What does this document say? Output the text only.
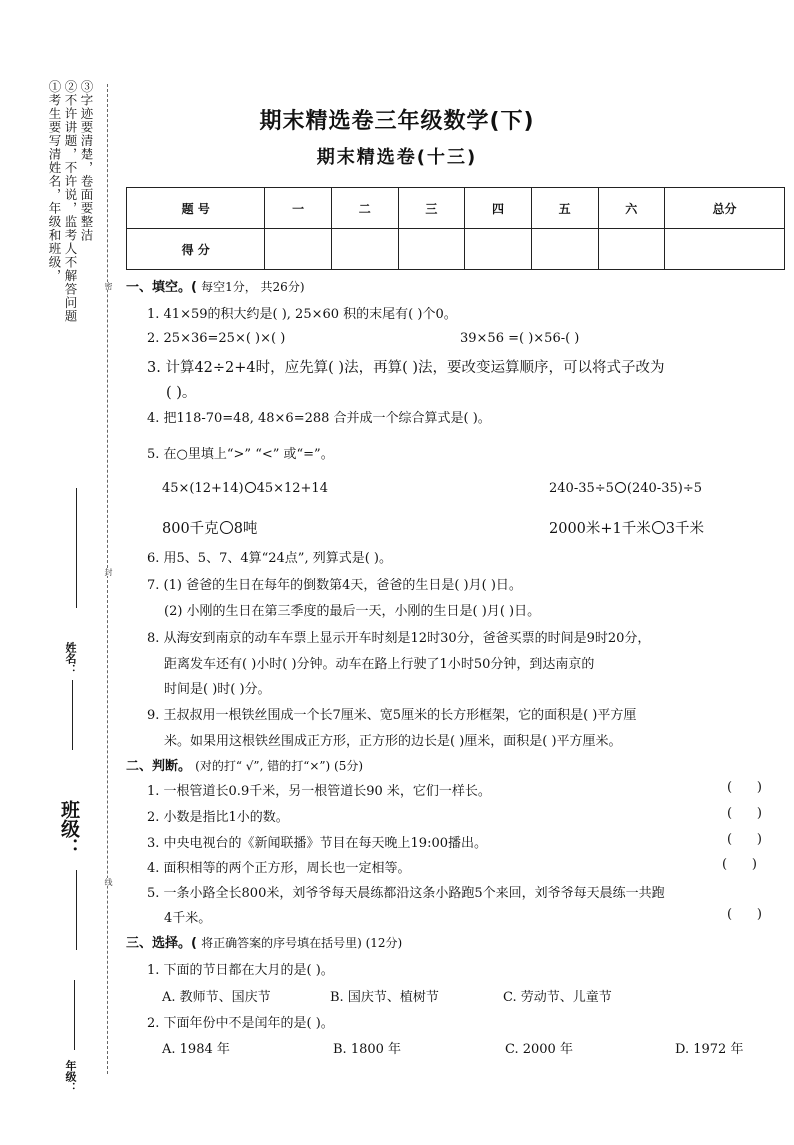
①考生要写清姓名，年级和班级， ②不许讲题，不许说，监考人不解答问题 ③字迹要清楚，卷面要整洁
密
封
线
姓名：
班级：
年级：
期末精选卷三年级数学(下)
期末精选卷(十三)
题 号	一	二	三	四	五	六	总分
得 分							
一、填空。( 每空1分， 共26分)
1. 41×59的积大约是( ), 25×60 积的末尾有( )个0。
2. 25×36=25×( )×( )	39×56 =( )×56-( )
3. 计算42÷2+4时，应先算( )法，再算( )法，要改变运算顺序，可以将式子改为
( )。
4. 把118-70=48, 48×6=288 合并成一个综合算式是( )。
5. 在○里填上“>” “<” 或“=”。
45×(12+14) 45×12+14	240-35÷5 (240-35)÷5
800千克 8吨	2000米+1千米 3千米
6. 用5、5、7、4算“24点”, 列算式是( )。
7. (1) 爸爸的生日在每年的倒数第4天，爸爸的生日是( )月( )日。
(2) 小刚的生日在第三季度的最后一天，小刚的生日是( )月( )日。
8. 从海安到南京的动车车票上显示开车时刻是12时30分，爸爸买票的时间是9时20分，
距离发车还有( )小时( )分钟。动车在路上行驶了1小时50分钟，到达南京的
时间是( )时( )分。
9. 王叔叔用一根铁丝围成一个长7厘米、宽5厘米的长方形框架，它的面积是( )平方厘
米。如果用这根铁丝围成正方形，正方形的边长是( )厘米，面积是( )平方厘米。
二、判断。 (对的打“ √”, 错的打“×”) (5分)
1. 一根管道长0.9千米，另一根管道长90 米，它们一样长。	(      )
2. 小数是指比1小的数。	(      )
3. 中央电视台的《新闻联播》节目在每天晚上19:00播出。	(      )
4. 面积相等的两个正方形，周长也一定相等。	(      )
5. 一条小路全长800米，刘爷爷每天晨练都沿这条小路跑5个来回，刘爷爷每天晨练一共跑
4千米。	(      )
三、选择。( 将正确答案的序号填在括号里) (12分)
1. 下面的节日都在大月的是( )。
A. 教师节、国庆节	B. 国庆节、植树节	C. 劳动节、儿童节
2. 下面年份中不是闰年的是( )。
A. 1984 年	B. 1800 年	C. 2000 年	D. 1972 年
